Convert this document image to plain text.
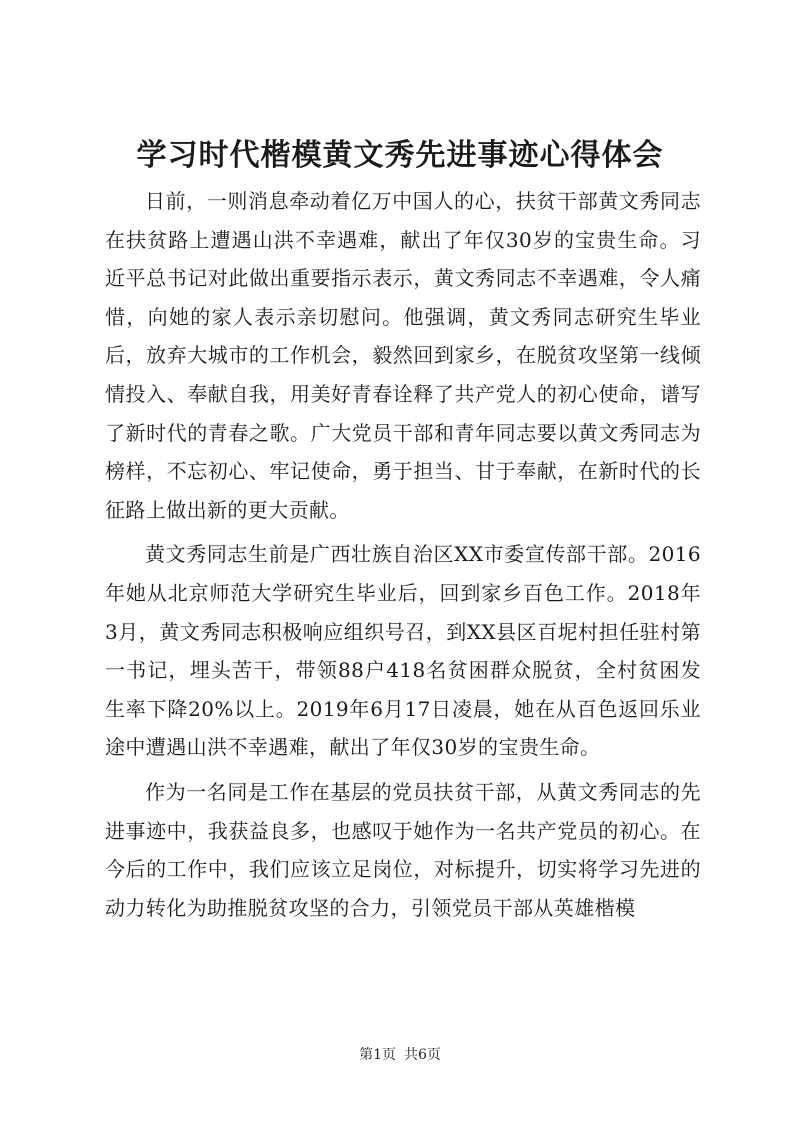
学习时代楷模黄文秀先进事迹心得体会

日前，一则消息牵动着亿万中国人的心，扶贫干部黄文秀同志在扶贫路上遭遇山洪不幸遇难，献出了年仅30岁的宝贵生命。习近平总书记对此做出重要指示表示，黄文秀同志不幸遇难，令人痛惜，向她的家人表示亲切慰问。他强调，黄文秀同志研究生毕业后，放弃大城市的工作机会，毅然回到家乡，在脱贫攻坚第一线倾情投入、奉献自我，用美好青春诠释了共产党人的初心使命，谱写了新时代的青春之歌。广大党员干部和青年同志要以黄文秀同志为榜样，不忘初心、牢记使命，勇于担当、甘于奉献，在新时代的长征路上做出新的更大贡献。

黄文秀同志生前是广西壮族自治区XX市委宣传部干部。2016年她从北京师范大学研究生毕业后，回到家乡百色工作。2018年3月，黄文秀同志积极响应组织号召，到XX县区百坭村担任驻村第一书记，埋头苦干，带领88户418名贫困群众脱贫，全村贫困发生率下降20%以上。2019年6月17日凌晨，她在从百色返回乐业途中遭遇山洪不幸遇难，献出了年仅30岁的宝贵生命。

作为一名同是工作在基层的党员扶贫干部，从黄文秀同志的先进事迹中，我获益良多，也感叹于她作为一名共产党员的初心。在今后的工作中，我们应该立足岗位，对标提升，切实将学习先进的动力转化为助推脱贫攻坚的合力，引领党员干部从英雄楷模

第1页 共6页
